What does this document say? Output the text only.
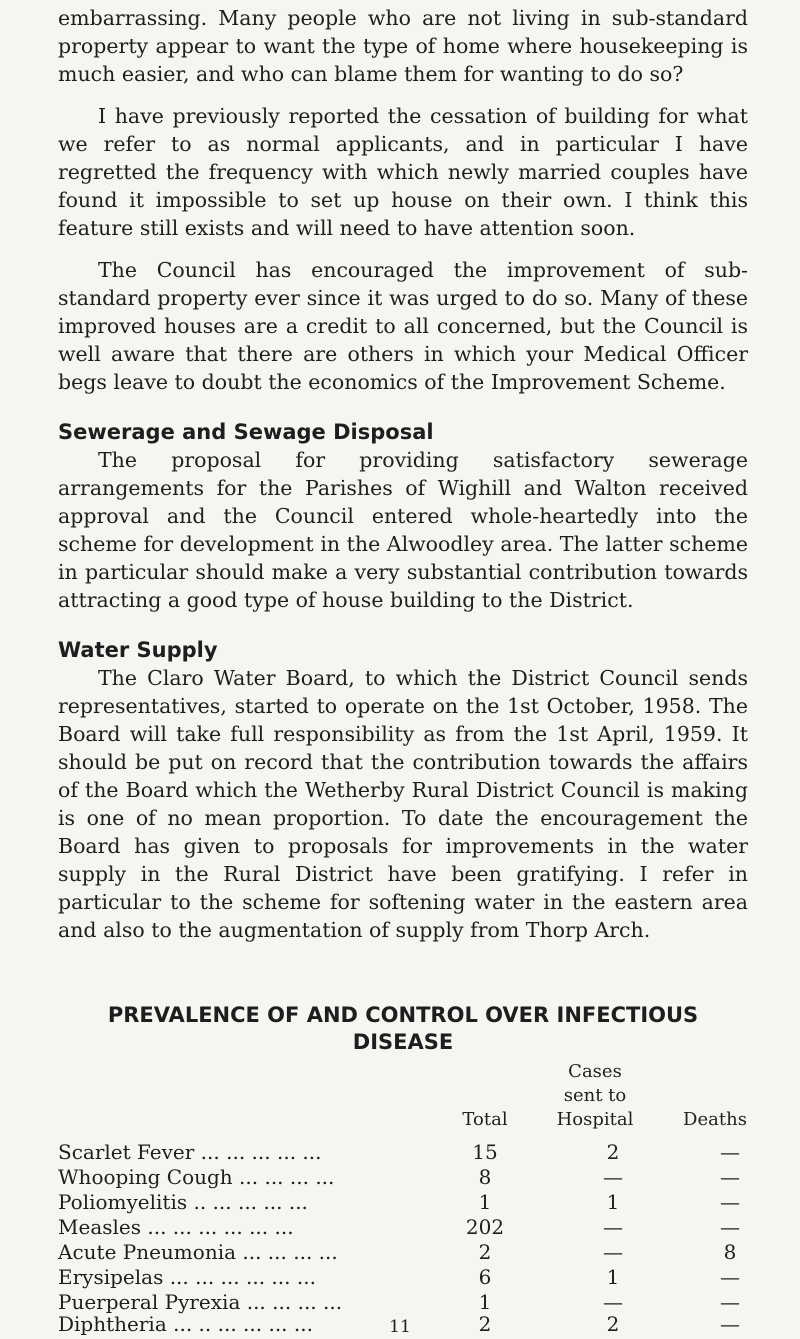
embarrassing. Many people who are not living in sub-standard property appear to want the type of home where housekeeping is much easier, and who can blame them for wanting to do so?

I have previously reported the cessation of building for what we refer to as normal applicants, and in particular I have regretted the frequency with which newly married couples have found it impossible to set up house on their own. I think this feature still exists and will need to have attention soon.

The Council has encouraged the improvement of sub-standard property ever since it was urged to do so. Many of these improved houses are a credit to all concerned, but the Council is well aware that there are others in which your Medical Officer begs leave to doubt the economics of the Improvement Scheme.

Sewerage and Sewage Disposal

The proposal for providing satisfactory sewerage arrangements for the Parishes of Wighill and Walton received approval and the Council entered whole-heartedly into the scheme for development in the Alwoodley area. The latter scheme in particular should make a very substantial contribution towards attracting a good type of house building to the District.

Water Supply

The Claro Water Board, to which the District Council sends representatives, started to operate on the 1st October, 1958. The Board will take full responsibility as from the 1st April, 1959. It should be put on record that the contribution towards the affairs of the Board which the Wetherby Rural District Council is making is one of no mean proportion. To date the encouragement the Board has given to proposals for improvements in the water supply in the Rural District have been gratifying. I refer in particular to the scheme for softening water in the eastern area and also to the augmentation of supply from Thorp Arch.

PREVALENCE OF AND CONTROL OVER INFECTIOUS
DISEASE
Total
Cases
sent to
Hospital	Deaths
Scarlet Fever ... ... ... ... ...	15	2	—
Whooping Cough ... ... ... ...	8	—	—
Poliomyelitis .. ... ... ... ...	1	1	—
Measles ... ... ... ... ... ...	202	—	—
Acute Pneumonia ... ... ... ...	2	—	8
Erysipelas ... ... ... ... ... ...	6	1	—
Puerperal Pyrexia ... ... ... ...	1	—	—
Diphtheria ... .. ... ... ... ...	2	2	—
11
